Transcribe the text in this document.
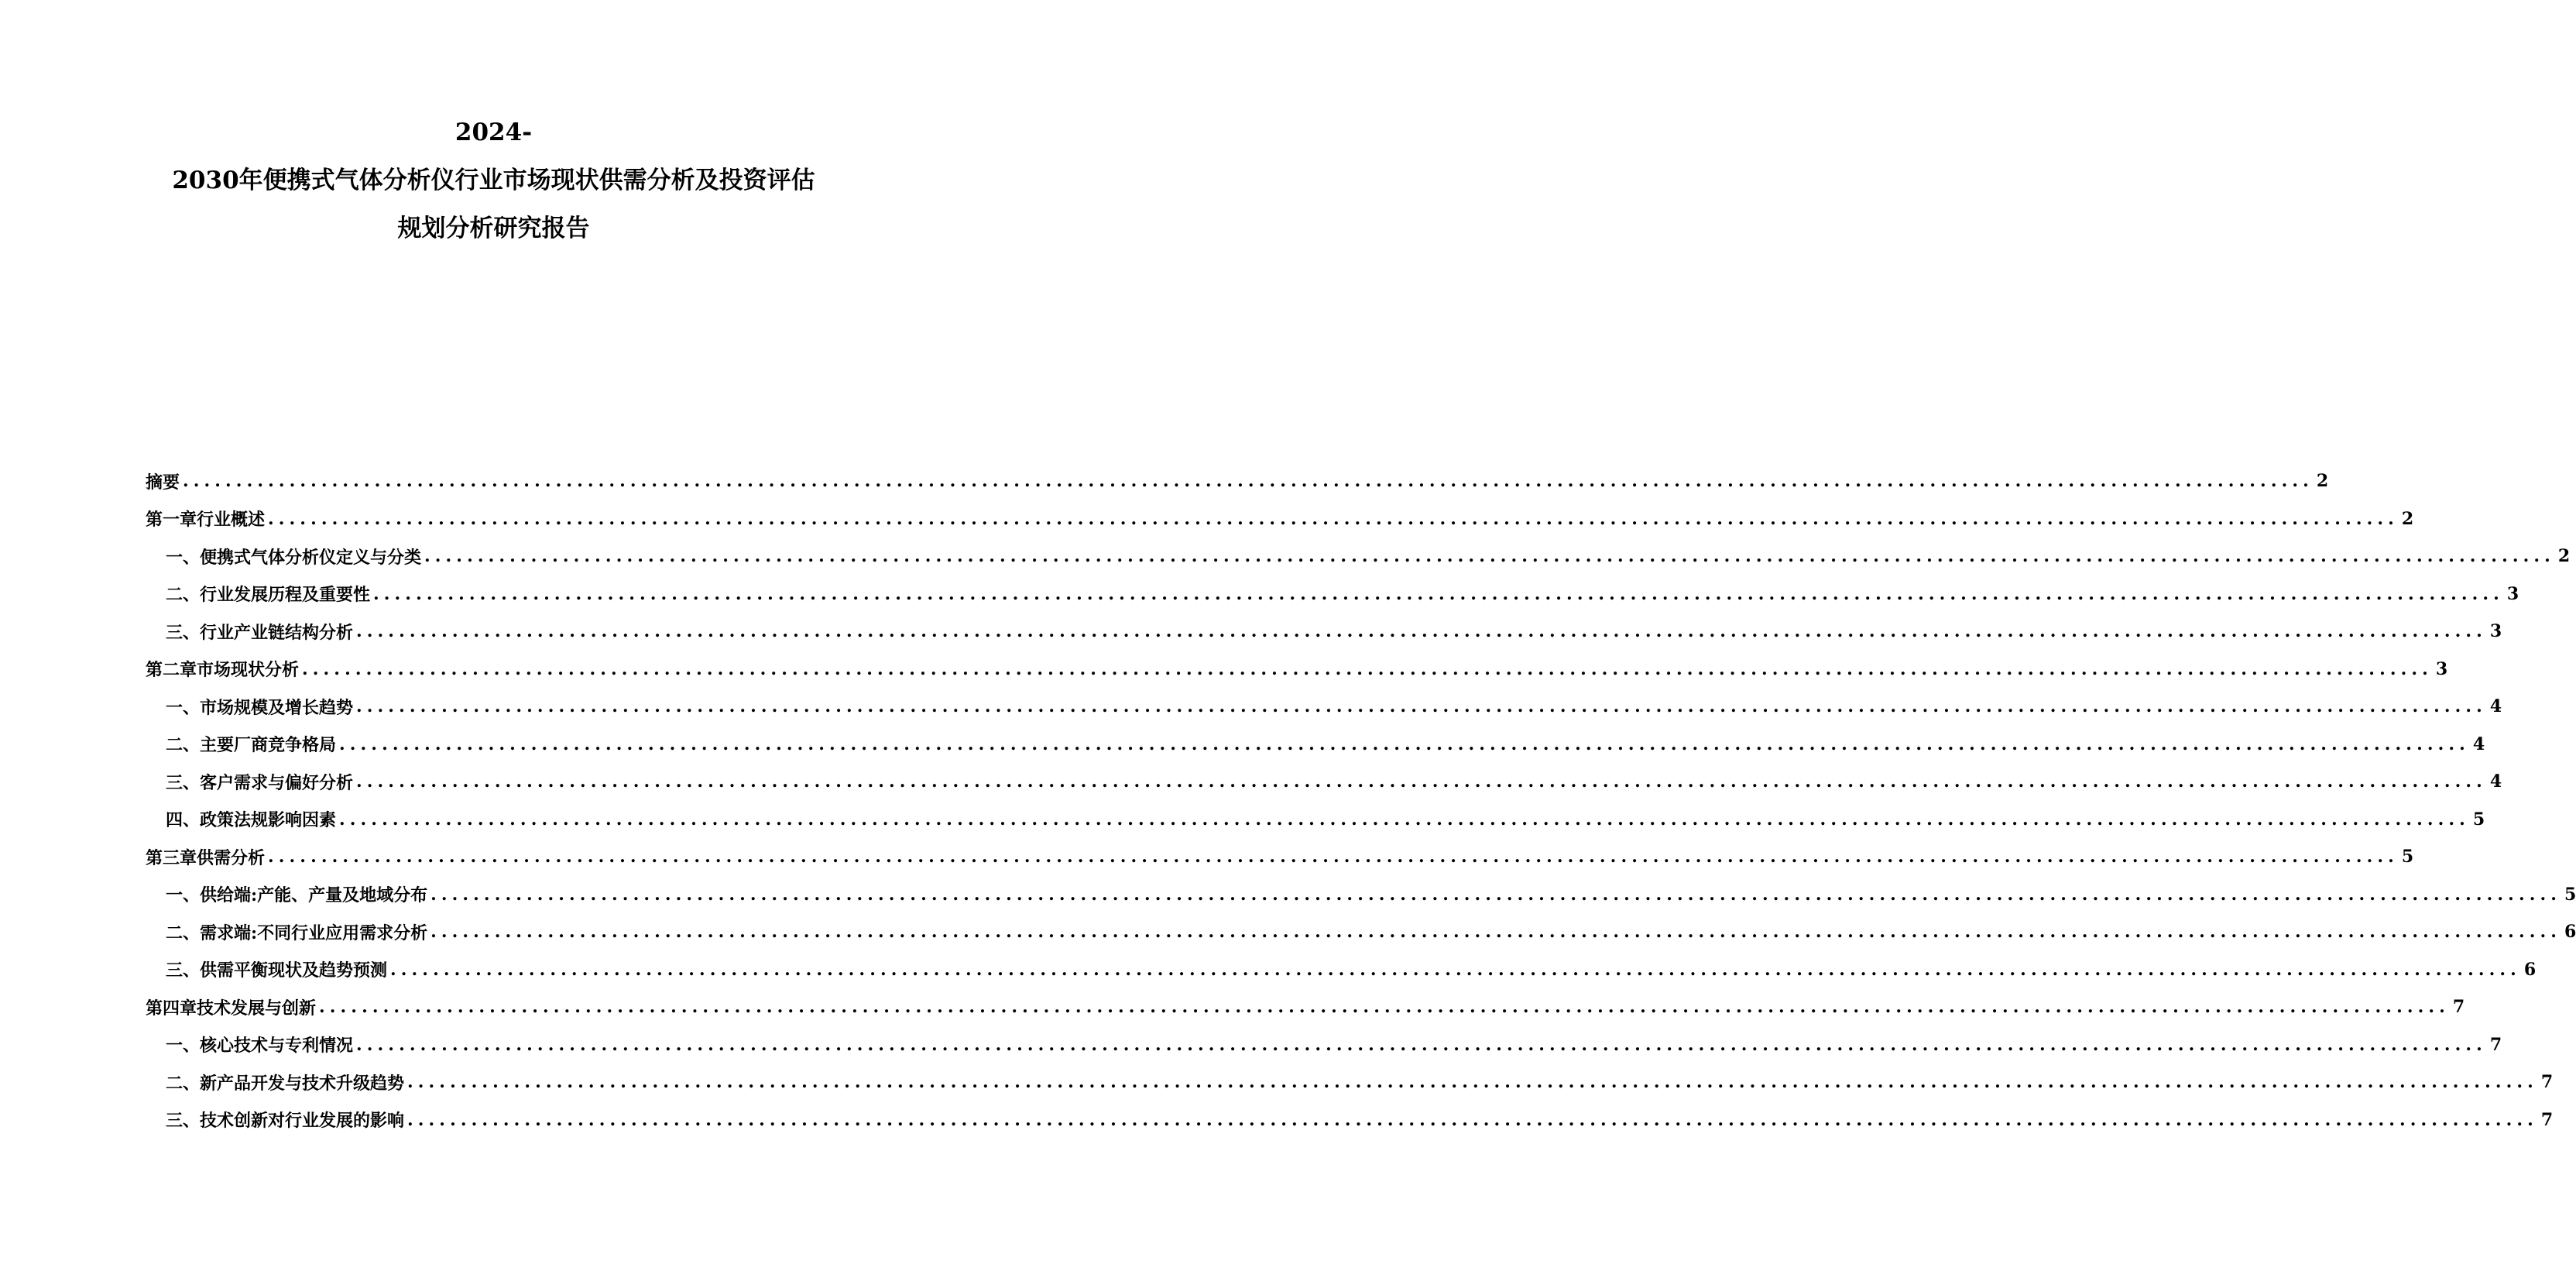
2024-
2030年便携式气体分析仪行业市场现状供需分析及投资评估
规划分析研究报告
摘要 ........................................................................................................................................................................................................ 2
第一章 行业概述 ........................................................................................................................................................................................................ 2
一、 便携式气体分析仪定义与分类 ........................................................................................................................................................................................................ 2
二、 行业发展历程及重要性 ........................................................................................................................................................................................................ 3
三、 行业产业链结构分析 ........................................................................................................................................................................................................ 3
第二章 市场现状分析 ........................................................................................................................................................................................................ 3
一、 市场规模及增长趋势 ........................................................................................................................................................................................................ 4
二、 主要厂商竞争格局 ........................................................................................................................................................................................................ 4
三、 客户需求与偏好分析 ........................................................................................................................................................................................................ 4
四、 政策法规影响因素 ........................................................................................................................................................................................................ 5
第三章 供需分析 ........................................................................................................................................................................................................ 5
一、 供给端:产能、产量及地域分布 ........................................................................................................................................................................................................ 5
二、 需求端:不同行业应用需求分析 ........................................................................................................................................................................................................ 6
三、 供需平衡现状及趋势预测 ........................................................................................................................................................................................................ 6
第四章 技术发展与创新 ........................................................................................................................................................................................................ 7
一、 核心技术与专利情况 ........................................................................................................................................................................................................ 7
二、 新产品开发与技术升级趋势 ........................................................................................................................................................................................................ 7
三、 技术创新对行业发展的影响 ........................................................................................................................................................................................................ 7
